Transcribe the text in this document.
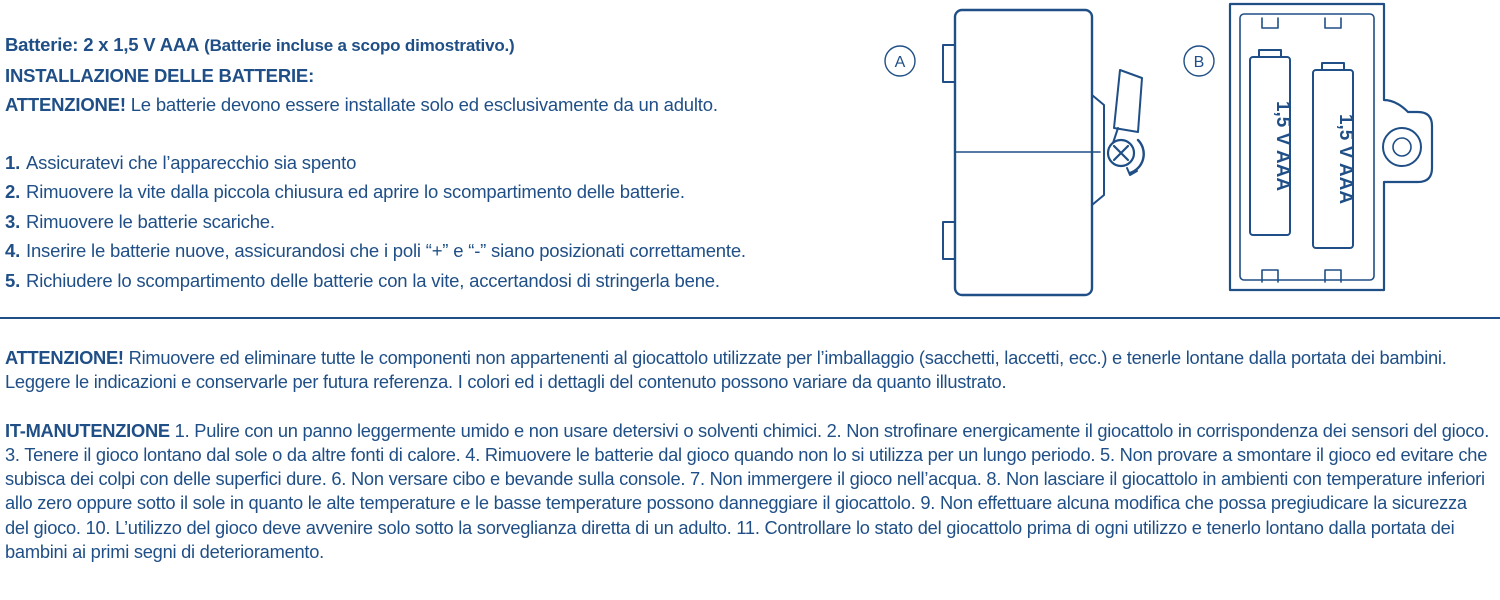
Batterie: 2 x 1,5 V AAA (Batterie incluse a scopo dimostrativo.)
INSTALLAZIONE DELLE BATTERIE:
ATTENZIONE! Le batterie devono essere installate solo ed esclusivamente da un adulto.
1. Assicuratevi che l’apparecchio sia spento
2. Rimuovere la vite dalla piccola chiusura ed aprire lo scompartimento delle batterie.
3. Rimuovere le batterie scariche.
4. Inserire le batterie nuove, assicurandosi che i poli “+” e “-” siano posizionati correttamente.
5. Richiudere lo scompartimento delle batterie con la vite, accertandosi di stringerla bene.
A	B
1,5 V AAA 1,5 V AAA

ATTENZIONE! Rimuovere ed eliminare tutte le componenti non appartenenti al giocattolo utilizzate per l’imballaggio (sacchetti, laccetti, ecc.) e tenerle lontane dalla portata dei bambini. Leggere le indicazioni e conservarle per futura referenza. I colori ed i dettagli del contenuto possono variare da quanto illustrato.

IT-MANUTENZIONE 1. Pulire con un panno leggermente umido e non usare detersivi o solventi chimici. 2. Non strofinare energicamente il giocattolo in corrispondenza dei sensori del gioco. 3. Tenere il gioco lontano dal sole o da altre fonti di calore. 4. Rimuovere le batterie dal gioco quando non lo si utilizza per un lungo periodo. 5. Non provare a smontare il gioco ed evitare che subisca dei colpi con delle superfici dure. 6. Non versare cibo e bevande sulla console. 7. Non immergere il gioco nell’acqua. 8. Non lasciare il giocattolo in ambienti con temperature inferiori allo zero oppure sotto il sole in quanto le alte temperature e le basse temperature possono danneggiare il giocattolo. 9. Non effettuare alcuna modifica che possa pregiudicare la sicurezza del gioco. 10. L’utilizzo del gioco deve avvenire solo sotto la sorveglianza diretta di un adulto. 11. Controllare lo stato del giocattolo prima di ogni utilizzo e tenerlo lontano dalla portata dei bambini ai primi segni di deterioramento.
